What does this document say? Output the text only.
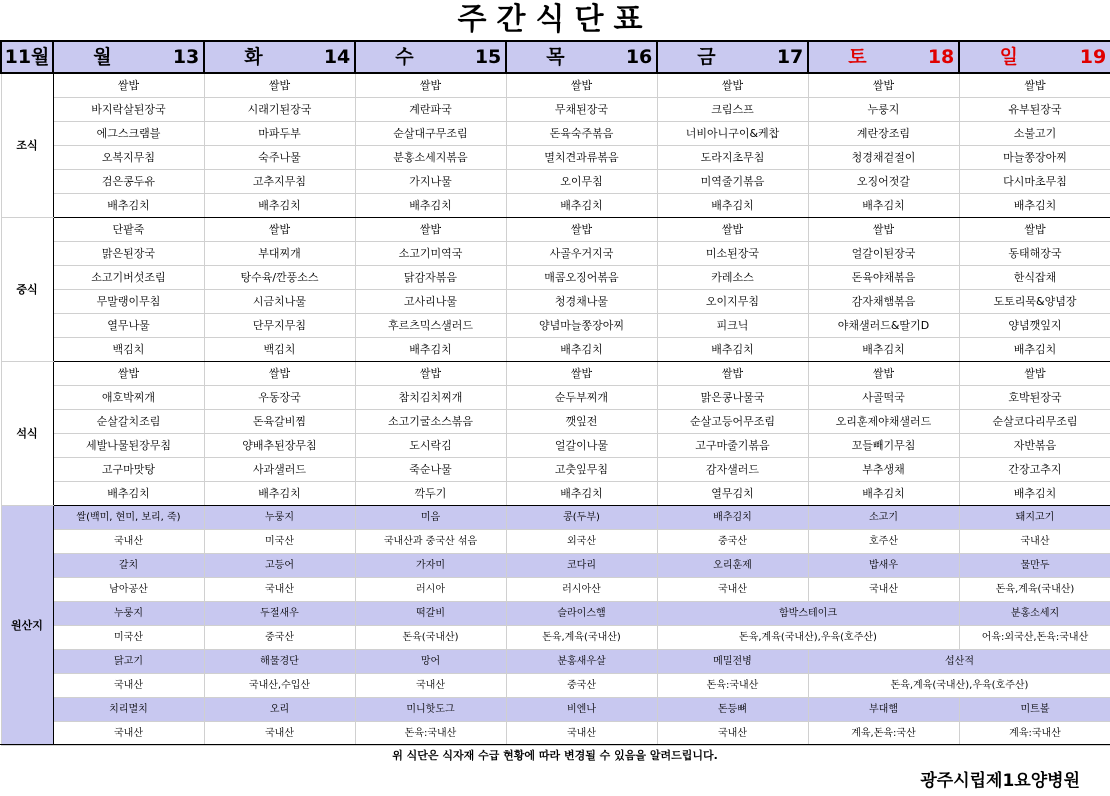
주간식단표
11월	월 13	화 14	수 15	목 16	금 17	토 18	일 19
조식	쌀밥	쌀밥	쌀밥	쌀밥	쌀밥	쌀밥	쌀밥
	바지락살된장국	시래기된장국	계란파국	무채된장국	크림스프	누룽지	유부된장국
	에그스크램블	마파두부	순살대구무조림	돈육숙주볶음	너비아니구이&케찹	계란장조림	소불고기
	오복지무침	숙주나물	분홍소세지볶음	멸치견과류볶음	도라지초무침	청경채겉절이	마늘쫑장아찌
	검은콩두유	고추지무침	가지나물	오이무침	미역줄기볶음	오징어젓갈	다시마초무침
	배추김치	배추김치	배추김치	배추김치	배추김치	배추김치	배추김치
중식	단팥죽	쌀밥	쌀밥	쌀밥	쌀밥	쌀밥	쌀밥
	맑은된장국	부대찌개	소고기미역국	사골우거지국	미소된장국	얼갈이된장국	동태해장국
	소고기버섯조림	탕수육/깐풍소스	닭감자볶음	매콤오징어볶음	카레소스	돈육야채볶음	한식잡채
	무말랭이무침	시금치나물	고사리나물	청경채나물	오이지무침	감자채햄볶음	도토리묵&양념장
	열무나물	단무지무침	후르츠믹스샐러드	양념마늘쫑장아찌	피크닉	야채샐러드&딸기D	양념깻잎지
	백김치	백김치	배추김치	배추김치	배추김치	배추김치	배추김치
석식	쌀밥	쌀밥	쌀밥	쌀밥	쌀밥	쌀밥	쌀밥
	애호박찌개	우동장국	참치김치찌개	순두부찌개	맑은콩나물국	사골떡국	호박된장국
	순살갈치조림	돈육갈비찜	소고기굴소스볶음	깻잎전	순살고등어무조림	오리훈제야채샐러드	순살코다리무조림
	세발나물된장무침	양배추된장무침	도시락김	얼갈이나물	고구마줄기볶음	꼬들빼기무침	자반볶음
	고구마맛탕	사과샐러드	죽순나물	고춧잎무침	감자샐러드	부추생채	간장고추지
	배추김치	배추김치	깍두기	배추김치	열무김치	배추김치	배추김치
원산지	쌀(백미, 현미, 보리, 죽)	누룽지	미음	콩(두부)	배추김치	소고기	돼지고기
	국내산	미국산	국내산과 중국산 섞음	외국산	중국산	호주산	국내산
	갈치	고등어	가자미	코다리	오리훈제	밥새우	물만두
	남아공산	국내산	러시아	러시아산	국내산	국내산	돈육,계육(국내산)
	누룽지	두절새우	떡갈비	슬라이스햄	함박스테이크		분홍소세지
	미국산	중국산	돈육(국내산)	돈육,계육(국내산)	돈육,계육(국내산),우육(호주산)		어육:외국산,돈육:국내산
	닭고기	해물경단	망어	분홍새우살	메밀전병	섭산적	
	국내산	국내산,수입산	국내산	중국산	돈육:국내산	돈육,계육(국내산),우육(호주산)	
	치리멸치	오리	미니핫도그	비엔나	돈등뼈	부대햄	미트볼
	국내산	국내산	돈육:국내산	국내산	국내산	계육,돈육:국산	계육:국내산
위 식단은 식자재 수급 현황에 따라 변경될 수 있음을 알려드립니다.
광주시립제1요양병원
